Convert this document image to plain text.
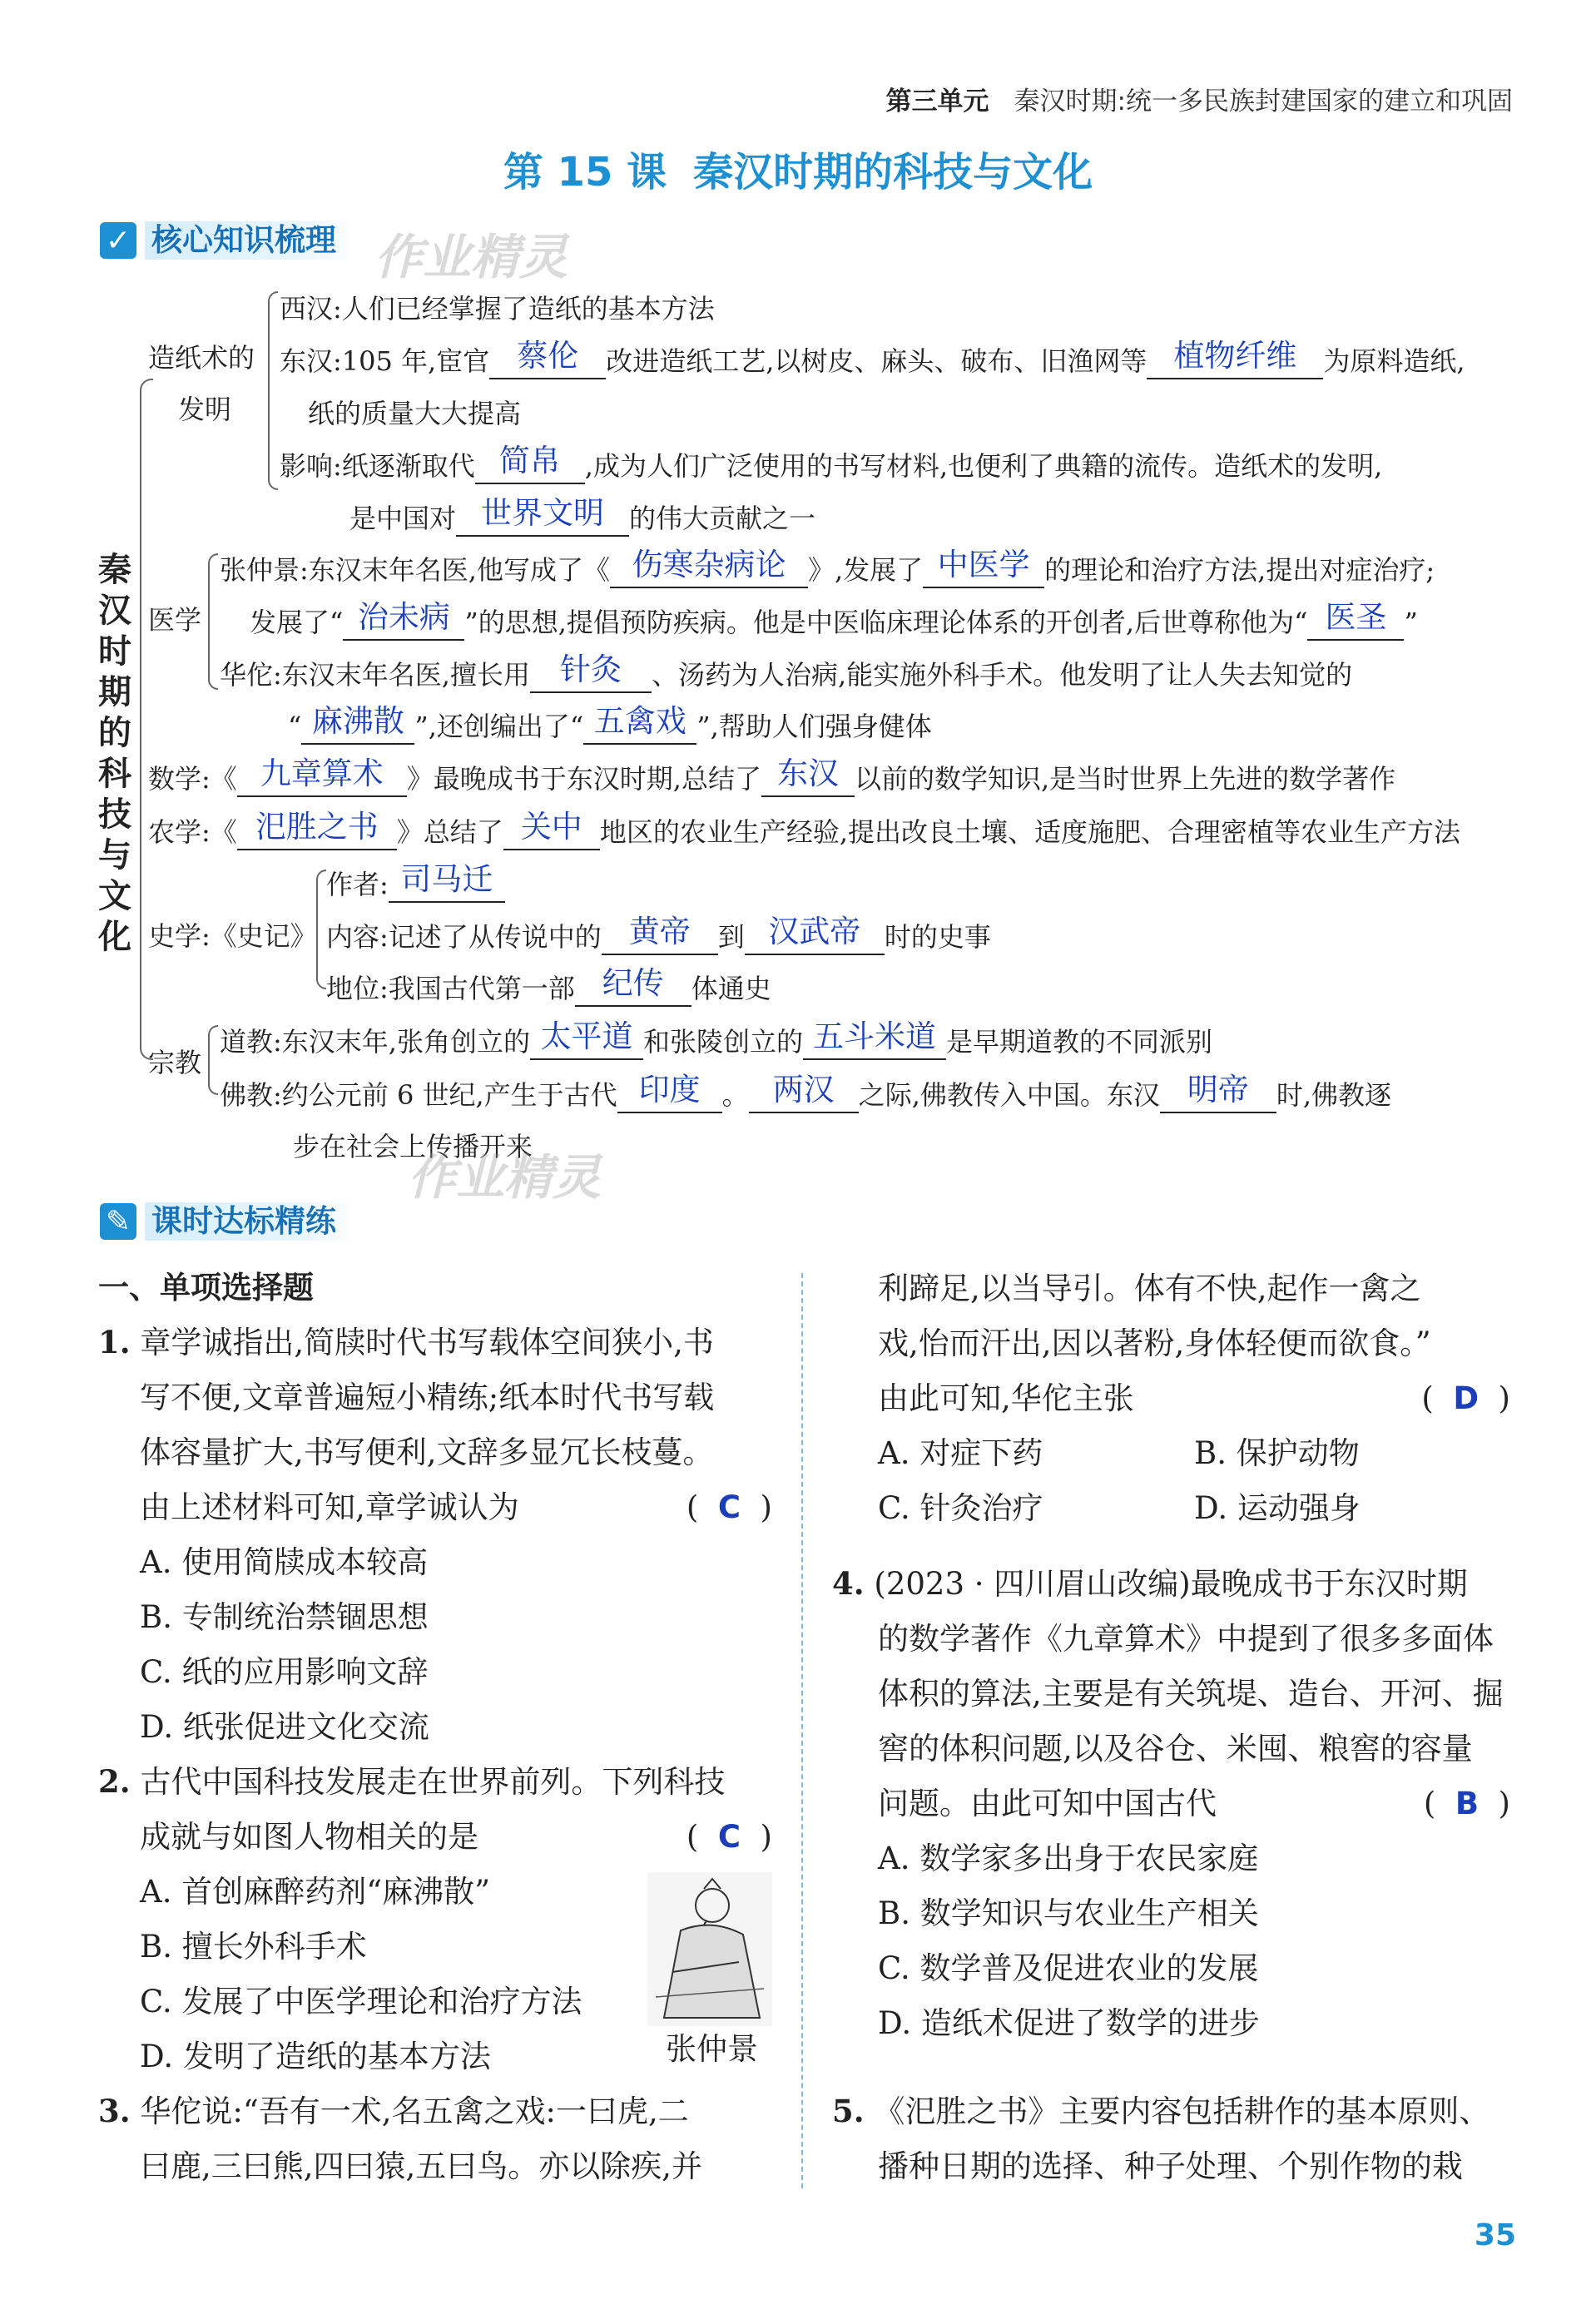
第三单元 秦汉时期:统一多民族封建国家的建立和巩固
第 15 课 秦汉时期的科技与文化
✓ 核心知识梳理 作业精灵
秦
汉
时
期
的
科
技
与
文
化
造纸术的
发明
西汉:人们已经掌握了造纸的基本方法
东汉:105 年,宦官 蔡伦	改进造纸工艺,以树皮、麻头、破布、旧渔网等 植物纤维	为原料造纸,
纸的质量大大提高
影响:纸逐渐取代 简帛 ,成为人们广泛使用的书写材料,也便利了典籍的流传。造纸术的发明,
是中国对 世界文明 的伟大贡献之一
医学
张仲景:东汉末年名医,他写成了《 伤寒杂病论 》,发展了 中医学 的理论和治疗方法,提出对症治疗;
发展了“ 治未病 ”的思想,提倡预防疾病。他是中医临床理论体系的开创者,后世尊称他为“ 医圣 ”
华佗:东汉末年名医,擅长用 针灸	、汤药为人治病,能实施外科手术。他发明了让人失去知觉的
“ 麻沸散 ”,还创编出了“ 五禽戏 ”,帮助人们强身健体
数学:《 九章算术 》最晚成书于东汉时期,总结了 东汉 以前的数学知识,是当时世界上先进的数学著作
农学:《 汜胜之书 》总结了 关中 地区的农业生产经验,提出改良土壤、适度施肥、合理密植等农业生产方法
史学:《史记》
作者: 司马迁

内容:记述了从传说中的 黄帝	到 汉武帝 时的史事
地位:我国古代第一部 纪传	体通史
宗教
道教:东汉末年,张角创立的 太平道 和张陵创立的 五斗米道 是早期道教的不同派别
佛教:约公元前 6 世纪,产生于古代 印度 。 两汉 之际,佛教传入中国。东汉 明帝	时,佛教逐
步在社会上传播开来
作业精灵
✎ 课时达标精练
一、单项选择题
1. 章学诚指出,简牍时代书写载体空间狭小,书
写不便,文章普遍短小精练;纸本时代书写载
体容量扩大,书写便利,文辞多显冗长枝蔓。
由上述材料可知,章学诚认为	(  C  )
A. 使用简牍成本较高
B. 专制统治禁锢思想
C. 纸的应用影响文辞
D. 纸张促进文化交流
2. 古代中国科技发展走在世界前列。下列科技
成就与如图人物相关的是	(  C  )
A. 首创麻醉药剂“麻沸散”
B. 擅长外科手术
C. 发展了中医学理论和治疗方法
D. 发明了造纸的基本方法	张仲景
3. 华佗说:“吾有一术,名五禽之戏:一曰虎,二
曰鹿,三曰熊,四曰猿,五曰鸟。亦以除疾,并
利蹄足,以当导引。体有不快,起作一禽之
戏,怡而汗出,因以著粉,身体轻便而欲食。”
由此可知,华佗主张	(  D  )
A. 对症下药	B. 保护动物
C. 针灸治疗	D. 运动强身
4. (2023 · 四川眉山改编)最晚成书于东汉时期
的数学著作《九章算术》中提到了很多多面体
体积的算法,主要是有关筑堤、造台、开河、掘
窖的体积问题,以及谷仓、米囤、粮窖的容量
问题。由此可知中国古代	(  B  )
A. 数学家多出身于农民家庭
B. 数学知识与农业生产相关
C. 数学普及促进农业的发展
D. 造纸术促进了数学的进步
5. 《汜胜之书》主要内容包括耕作的基本原则、
播种日期的选择、种子处理、个别作物的栽
35
